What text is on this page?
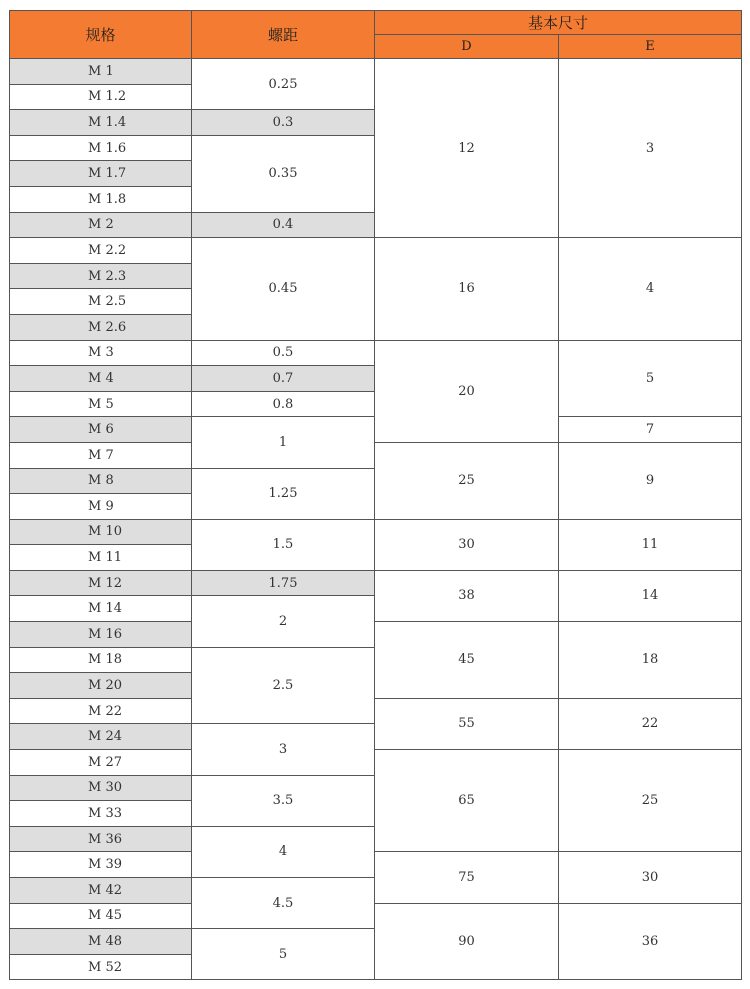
规格	螺距	基本尺寸	
		D	E
M 1	0.25	12	3
M 1.2			
M 1.4	0.3		
M 1.6	0.35		
M 1.7			
M 1.8			
M 2	0.4		
M 2.2	0.45	16	4
M 2.3			
M 2.5			
M 2.6			
M 3	0.5	20	5
M 4	0.7		
M 5	0.8		
M 6	1		7
M 7		25	9
M 8	1.25		
M 9			
M 10	1.5	30	11
M 11			
M 12	1.75	38	14
M 14	2		
M 16		45	18
M 18	2.5		
M 20			
M 22		55	22
M 24	3		
M 27		65	25
M 30	3.5		
M 33			
M 36	4		
M 39		75	30
M 42	4.5		
M 45		90	36
M 48	5		
M 52			
